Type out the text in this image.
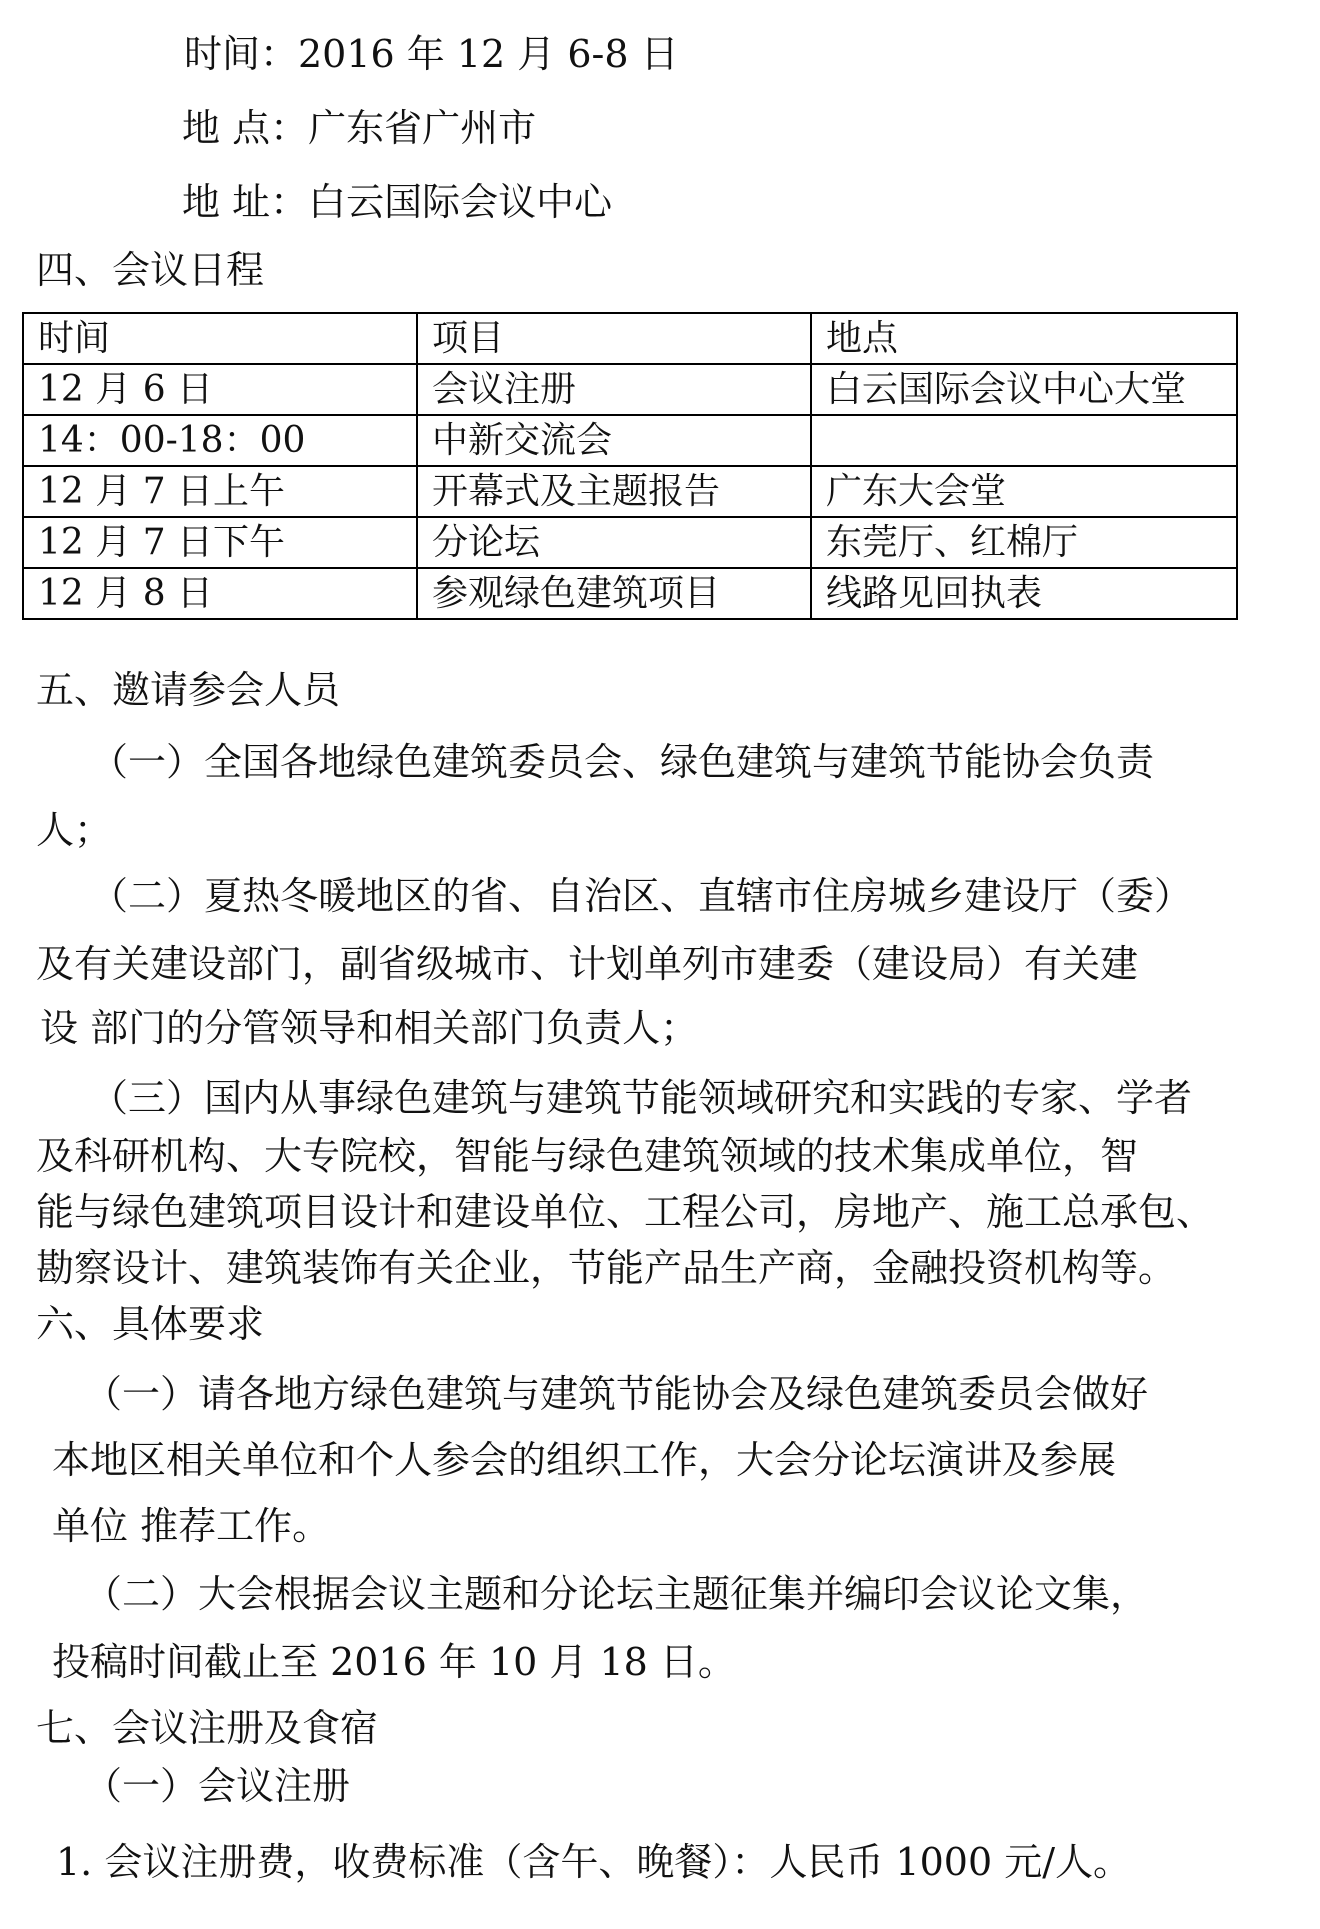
时间：2016 年 12 月 6-8 日

地 点：广东省广州市

地 址：白云国际会议中心

四、会议日程

时间	项目	地点
12 月 6 日	会议注册	白云国际会议中心大堂
14：00-18：00	中新交流会	
12 月 7 日上午	开幕式及主题报告	广东大会堂
12 月 7 日下午	分论坛	东莞厅、红棉厅
12 月 8 日	参观绿色建筑项目	线路见回执表

五、邀请参会人员

（一）全国各地绿色建筑委员会、绿色建筑与建筑节能协会负责

人；

（二）夏热冬暖地区的省、自治区、直辖市住房城乡建设厅（委）

及有关建设部门，副省级城市、计划单列市建委（建设局）有关建

设 部门的分管领导和相关部门负责人；

（三）国内从事绿色建筑与建筑节能领域研究和实践的专家、学者

及科研机构、大专院校，智能与绿色建筑领域的技术集成单位，智

能与绿色建筑项目设计和建设单位、工程公司，房地产、施工总承包、

勘察设计、建筑装饰有关企业，节能产品生产商，金融投资机构等。

六、具体要求

（一）请各地方绿色建筑与建筑节能协会及绿色建筑委员会做好

本地区相关单位和个人参会的组织工作，大会分论坛演讲及参展

单位 推荐工作。

（二）大会根据会议主题和分论坛主题征集并编印会议论文集，

投稿时间截止至 2016 年 10 月 18 日。

七、会议注册及食宿

（一）会议注册

1. 会议注册费，收费标准（含午、晚餐）：人民币 1000 元/人。
